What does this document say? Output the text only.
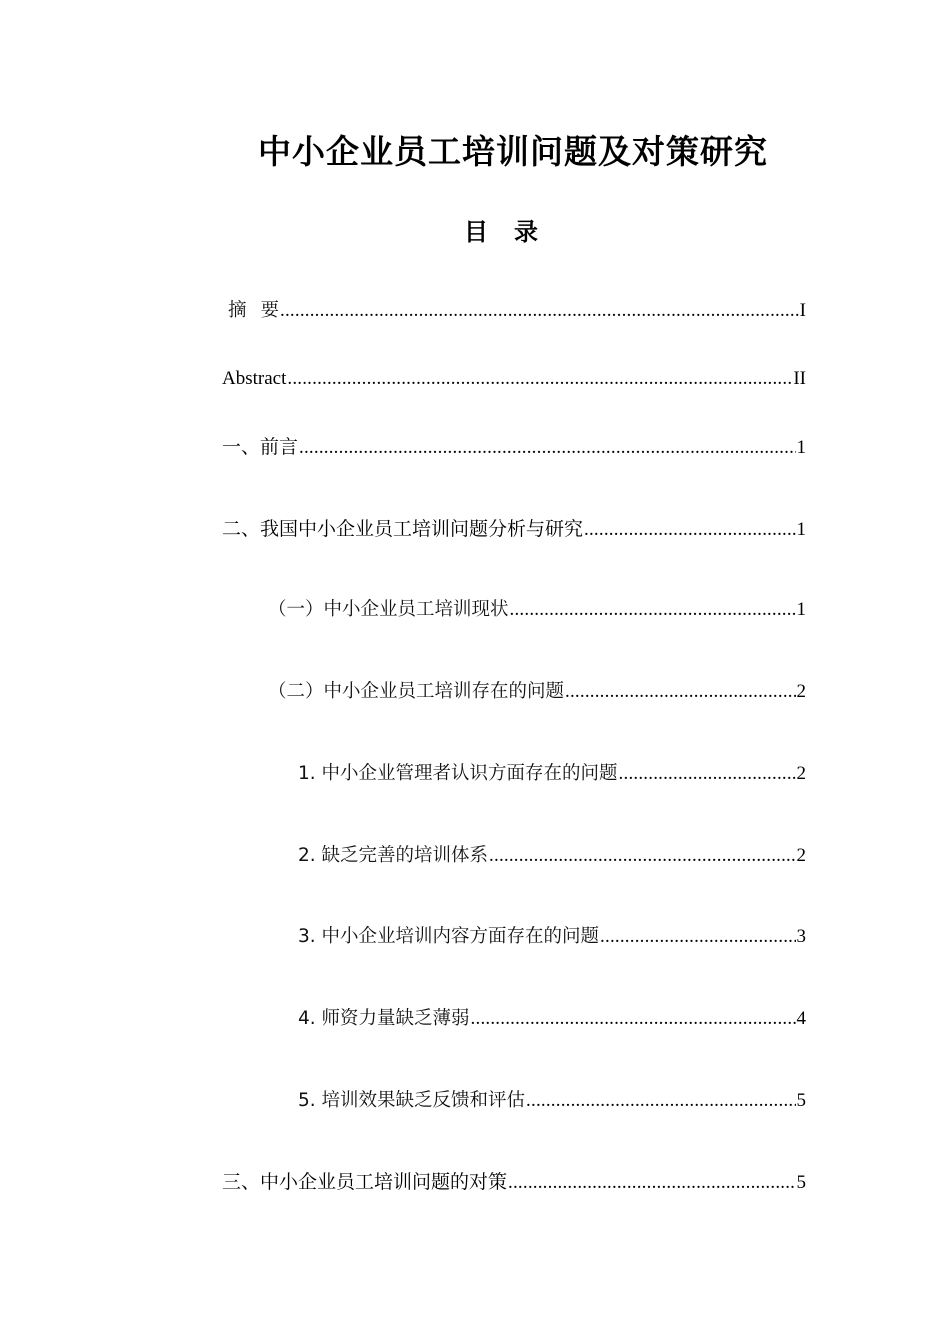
中小企业员工培训问题及对策研究
目 录
摘 要 .....	I
Abstract .....	II
一、前言 .....	1
二、我国中小企业员工培训问题分析与研究 .....	1
（一）中小企业员工培训现状 .....	1
（二）中小企业员工培训存在的问题 .....	2
1. 中小企业管理者认识方面存在的问题 .....	2
2. 缺乏完善的培训体系 .....	2
3. 中小企业培训内容方面存在的问题 .....	3
4. 师资力量缺乏薄弱 .....	4
5. 培训效果缺乏反馈和评估 .....	5
三、中小企业员工培训问题的对策 .....	5
